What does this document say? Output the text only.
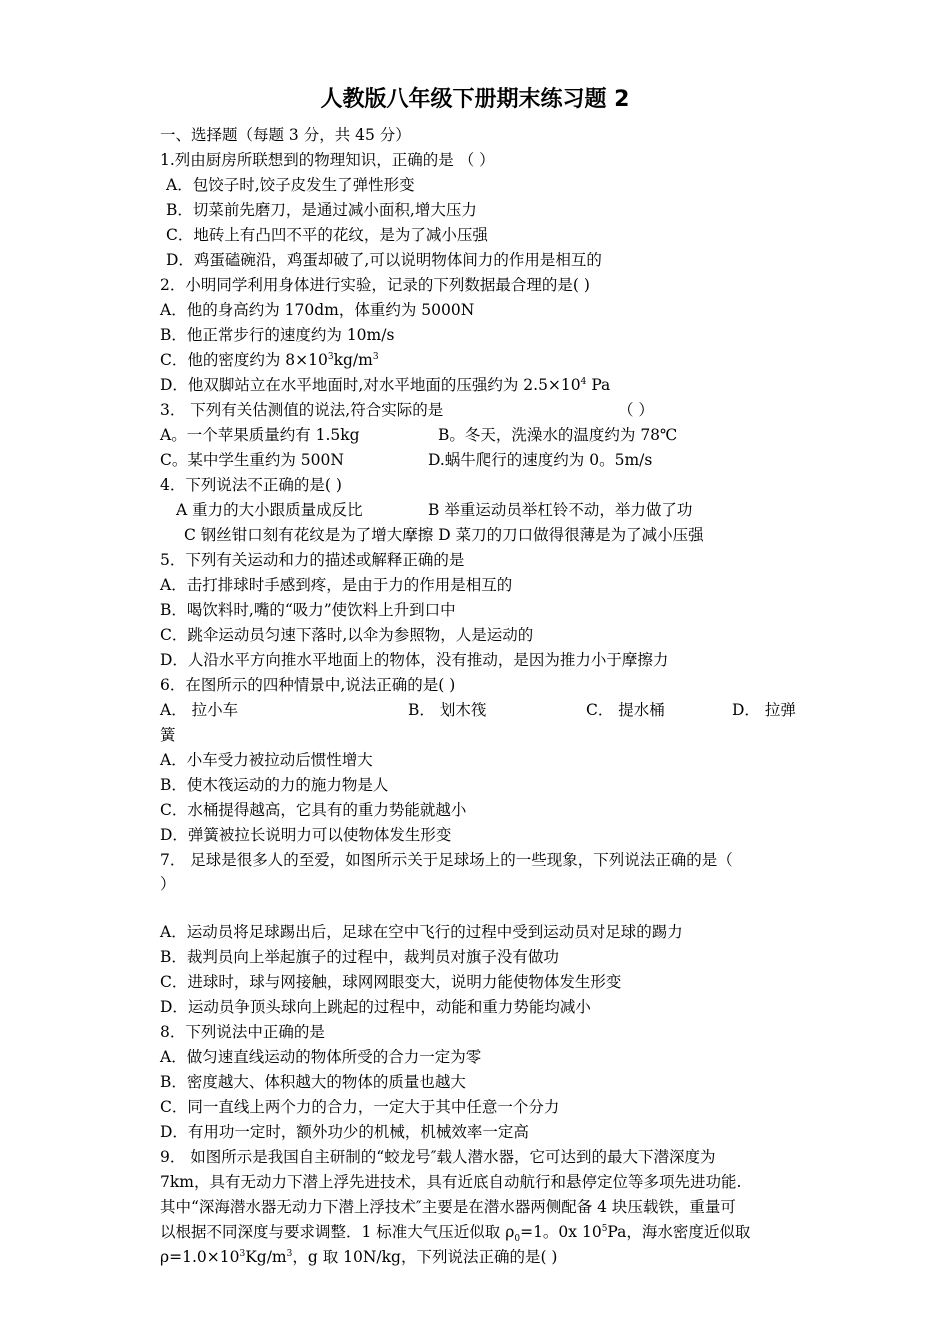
人教版八年级下册期末练习题 2
一、选择题（每题 3 分，共 45 分）
1.列由厨房所联想到的物理知识，正确的是 （ ）
A．包饺子时,饺子皮发生了弹性形变
B．切菜前先磨刀，是通过减小面积,增大压力
C．地砖上有凸凹不平的花纹，是为了减小压强
D．鸡蛋磕碗沿，鸡蛋却破了,可以说明物体间力的作用是相互的
2．小明同学利用身体进行实验，记录的下列数据最合理的是( )
A．他的身高约为 170dm，体重约为 5000N
B．他正常步行的速度约为 10m/s
C．他的密度约为 $8\times 10^3kg/m^3$
D．他双脚站立在水平地面时,对水平地面的压强约为 $2.5\times 10^4$ Pa
3． 下列有关估测值的说法,符合实际的是	（ ）
A。一个苹果质量约有 1.5kg	B。冬天，洗澡水的温度约为 78℃
C。某中学生重约为 500N	D.蜗牛爬行的速度约为 0。5m/s
4．下列说法不正确的是( )
A 重力的大小跟质量成反比	B 举重运动员举杠铃不动，举力做了功
C 钢丝钳口刻有花纹是为了增大摩擦 D 菜刀的刀口做得很薄是为了减小压强
5．下列有关运动和力的描述或解释正确的是
A．击打排球时手感到疼，是由于力的作用是相互的
B．喝饮料时,嘴的“吸力”使饮料上升到口中
C．跳伞运动员匀速下落时,以伞为参照物，人是运动的
D．人沿水平方向推水平地面上的物体，没有推动，是因为推力小于摩擦力
6．在图所示的四种情景中,说法正确的是( )
A． 拉小车	B． 划木筏	C． 提水桶	D． 拉弹
簧
A．小车受力被拉动后惯性增大
B．使木筏运动的力的施力物是人
C．水桶提得越高，它具有的重力势能就越小
D．弹簧被拉长说明力可以使物体发生形变
7． 足球是很多人的至爱，如图所示关于足球场上的一些现象，下列说法正确的是（
）
A．运动员将足球踢出后，足球在空中飞行的过程中受到运动员对足球的踢力
B．裁判员向上举起旗子的过程中，裁判员对旗子没有做功
C．进球时，球与网接触，球网网眼变大，说明力能使物体发生形变
D．运动员争顶头球向上跳起的过程中，动能和重力势能均减小
8．下列说法中正确的是
A．做匀速直线运动的物体所受的合力一定为零
B．密度越大、体积越大的物体的质量也越大
C．同一直线上两个力的合力，一定大于其中任意一个分力
D．有用功一定时，额外功少的机械，机械效率一定高
9． 如图所示是我国自主研制的“蛟龙号″载人潜水器，它可达到的最大下潜深度为
7km，具有无动力下潜上浮先进技术，具有近底自动航行和悬停定位等多项先进功能.
其中“深海潜水器无动力下潜上浮技术″主要是在潜水器两侧配备 4 块压载铁，重量可
以根据不同深度与要求调整．1 标准大气压近似取 $\rho_0=1$。0x $10^5Pa$，海水密度近似取
$\rho=1.0\times 10^3Kg/m^3$，g 取 10N/kg，下列说法正确的是( )
